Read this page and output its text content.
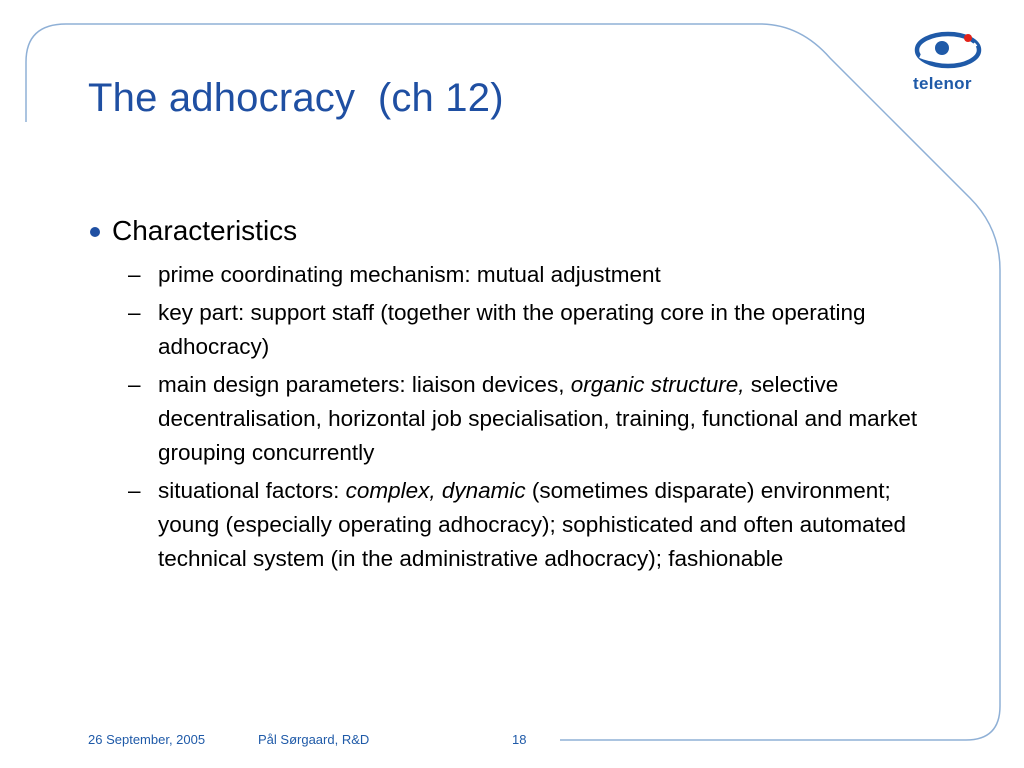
The adhocracy  (ch 12)	telenor
Characteristics
– prime coordinating mechanism: mutual adjustment
– key part: support staff (together with the operating core in the operating adhocracy)
– main design parameters: liaison devices, organic structure, selective decentralisation, horizontal job specialisation, training, functional and market grouping concurrently
– situational factors: complex, dynamic (sometimes disparate) environment; young (especially operating adhocracy); sophisticated and often automated technical system (in the administrative adhocracy); fashionable
26 September, 2005	Pål Sørgaard, R&D	18
